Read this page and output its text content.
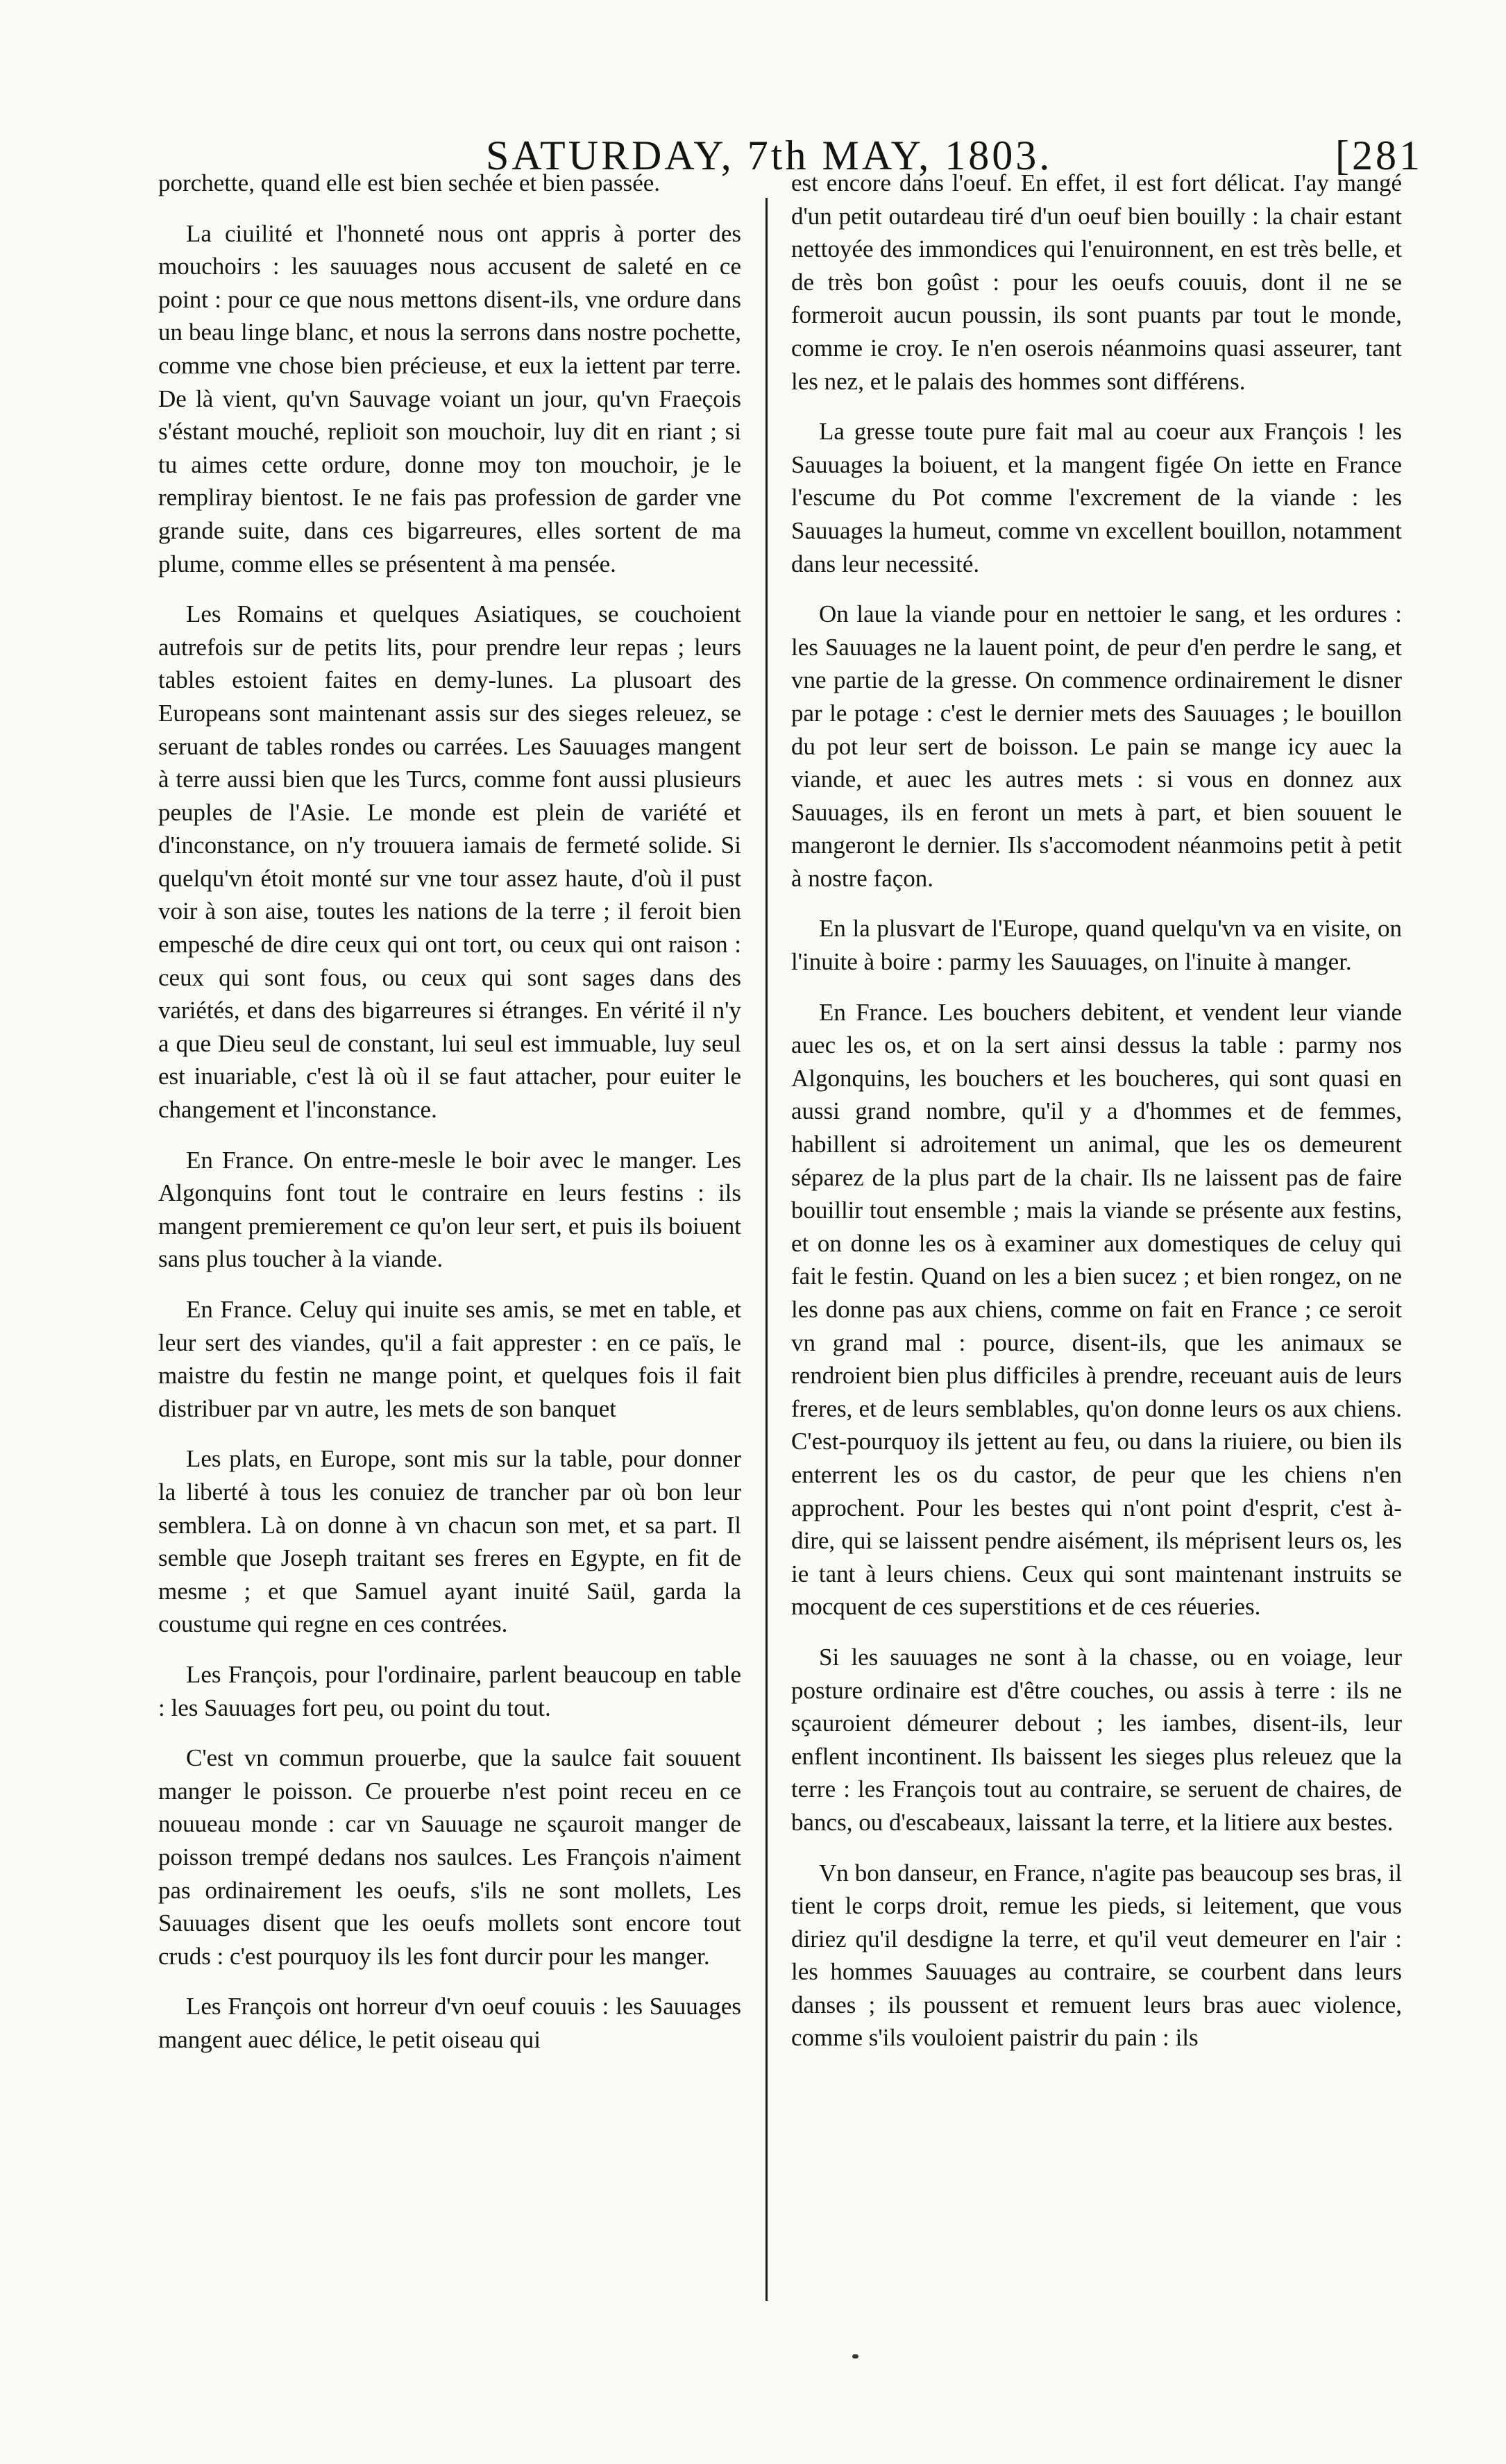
SATURDAY, 7th MAY, 1803.	[281

porchette, quand elle est bien sechée et bien passée.

La ciuilité et l'honneté nous ont appris à porter des mouchoirs : les sauuages nous accusent de saleté en ce point : pour ce que nous mettons disent-ils, vne ordure dans un beau linge blanc, et nous la serrons dans nostre pochette, comme vne chose bien précieuse, et eux la iettent par terre. De là vient, qu'vn Sauvage voiant un jour, qu'vn Fraeçois s'éstant mouché, replioit son mouchoir, luy dit en riant ; si tu aimes cette ordure, donne moy ton mouchoir, je le rempliray bientost. Ie ne fais pas profession de garder vne grande suite, dans ces bigarreures, elles sortent de ma plume, comme elles se présentent à ma pensée.

Les Romains et quelques Asiatiques, se couchoient autrefois sur de petits lits, pour prendre leur repas ; leurs tables estoient faites en demy-lunes. La plusoart des Europeans sont maintenant assis sur des sieges releuez, se seruant de tables rondes ou carrées. Les Sauuages mangent à terre aussi bien que les Turcs, comme font aussi plusieurs peuples de l'Asie. Le monde est plein de variété et d'inconstance, on n'y trouuera iamais de fermeté solide. Si quelqu'vn étoit monté sur vne tour assez haute, d'où il pust voir à son aise, toutes les nations de la terre ; il feroit bien empesché de dire ceux qui ont tort, ou ceux qui ont raison : ceux qui sont fous, ou ceux qui sont sages dans des variétés, et dans des bigarreures si étranges. En vérité il n'y a que Dieu seul de constant, lui seul est immuable, luy seul est inuariable, c'est là où il se faut attacher, pour euiter le changement et l'inconstance.

En France. On entre-mesle le boir avec le manger. Les Algonquins font tout le contraire en leurs festins : ils mangent premierement ce qu'on leur sert, et puis ils boiuent sans plus toucher à la viande.

En France. Celuy qui inuite ses amis, se met en table, et leur sert des viandes, qu'il a fait apprester : en ce païs, le maistre du festin ne mange point, et quelques fois il fait distribuer par vn autre, les mets de son banquet

Les plats, en Europe, sont mis sur la table, pour donner la liberté à tous les conuiez de trancher par où bon leur semblera. Là on donne à vn chacun son met, et sa part. Il semble que Joseph traitant ses freres en Egypte, en fit de mesme ; et que Samuel ayant inuité Saül, garda la coustume qui regne en ces contrées.

Les François, pour l'ordinaire, parlent beaucoup en table : les Sauuages fort peu, ou point du tout.

C'est vn commun prouerbe, que la saulce fait souuent manger le poisson. Ce prouerbe n'est point receu en ce nouueau monde : car vn Sauuage ne sçauroit manger de poisson trempé dedans nos saulces. Les François n'aiment pas ordinairement les oeufs, s'ils ne sont mollets, Les Sauuages disent que les oeufs mollets sont encore tout cruds : c'est pourquoy ils les font durcir pour les manger.

Les François ont horreur d'vn oeuf couuis : les Sauuages mangent auec délice, le petit oiseau qui

est encore dans l'oeuf. En effet, il est fort délicat. I'ay mangé d'un petit outardeau tiré d'un oeuf bien bouilly : la chair estant nettoyée des immondices qui l'enuironnent, en est très belle, et de très bon goûst : pour les oeufs couuis, dont il ne se formeroit aucun poussin, ils sont puants par tout le monde, comme ie croy. Ie n'en oserois néanmoins quasi asseurer, tant les nez, et le palais des hommes sont différens.

La gresse toute pure fait mal au coeur aux François ! les Sauuages la boiuent, et la mangent figée On iette en France l'escume du Pot comme l'excrement de la viande : les Sauuages la humeut, comme vn excellent bouillon, notamment dans leur necessité.

On laue la viande pour en nettoier le sang, et les ordures : les Sauuages ne la lauent point, de peur d'en perdre le sang, et vne partie de la gresse. On commence ordinairement le disner par le potage : c'est le dernier mets des Sauuages ; le bouillon du pot leur sert de boisson. Le pain se mange icy auec la viande, et auec les autres mets : si vous en donnez aux Sauuages, ils en feront un mets à part, et bien souuent le mangeront le dernier. Ils s'accomodent néanmoins petit à petit à nostre façon.

En la plusvart de l'Europe, quand quelqu'vn va en visite, on l'inuite à boire : parmy les Sauuages, on l'inuite à manger.

En France. Les bouchers debitent, et vendent leur viande auec les os, et on la sert ainsi dessus la table : parmy nos Algonquins, les bouchers et les boucheres, qui sont quasi en aussi grand nombre, qu'il y a d'hommes et de femmes, habillent si adroitement un animal, que les os demeurent séparez de la plus part de la chair. Ils ne laissent pas de faire bouillir tout ensemble ; mais la viande se présente aux festins, et on donne les os à examiner aux domestiques de celuy qui fait le festin. Quand on les a bien sucez ; et bien rongez, on ne les donne pas aux chiens, comme on fait en France ; ce seroit vn grand mal : pource, disent-ils, que les animaux se rendroient bien plus difficiles à prendre, receuant auis de leurs freres, et de leurs semblables, qu'on donne leurs os aux chiens. C'est-pourquoy ils jettent au feu, ou dans la riuiere, ou bien ils enterrent les os du castor, de peur que les chiens n'en approchent. Pour les bestes qui n'ont point d'esprit, c'est à-dire, qui se laissent pendre aisément, ils méprisent leurs os, les ie tant à leurs chiens. Ceux qui sont maintenant instruits se mocquent de ces superstitions et de ces réueries.

Si les sauuages ne sont à la chasse, ou en voiage, leur posture ordinaire est d'être couches, ou assis à terre : ils ne sçauroient démeurer debout ; les iambes, disent-ils, leur enflent incontinent. Ils baissent les sieges plus releuez que la terre : les François tout au contraire, se seruent de chaires, de bancs, ou d'escabeaux, laissant la terre, et la litiere aux bestes.

Vn bon danseur, en France, n'agite pas beaucoup ses bras, il tient le corps droit, remue les pieds, si leitement, que vous diriez qu'il desdigne la terre, et qu'il veut demeurer en l'air : les hommes Sauuages au contraire, se courbent dans leurs danses ; ils poussent et remuent leurs bras auec violence, comme s'ils vouloient paistrir du pain : ils
